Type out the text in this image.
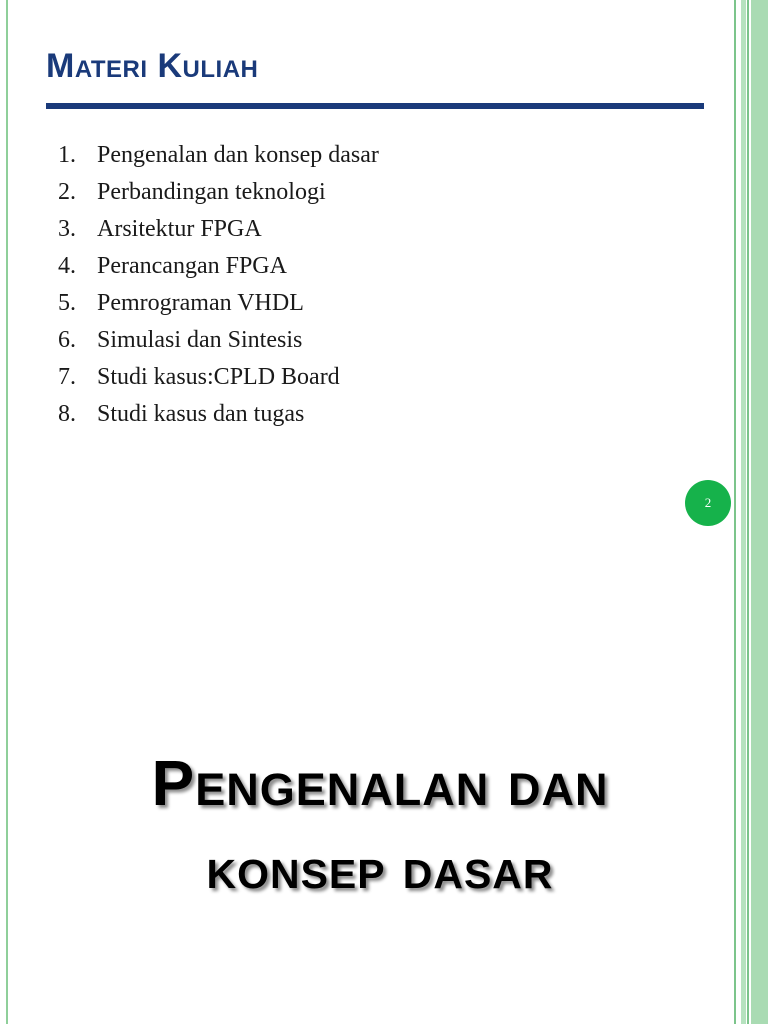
Materi Kuliah
1. Pengenalan dan konsep dasar
2. Perbandingan teknologi
3. Arsitektur FPGA
4. Perancangan FPGA
5. Pemrograman VHDL
6. Simulasi dan Sintesis
7. Studi kasus:CPLD Board
8. Studi kasus dan tugas
2
Pengenalan dan
konsep dasar
